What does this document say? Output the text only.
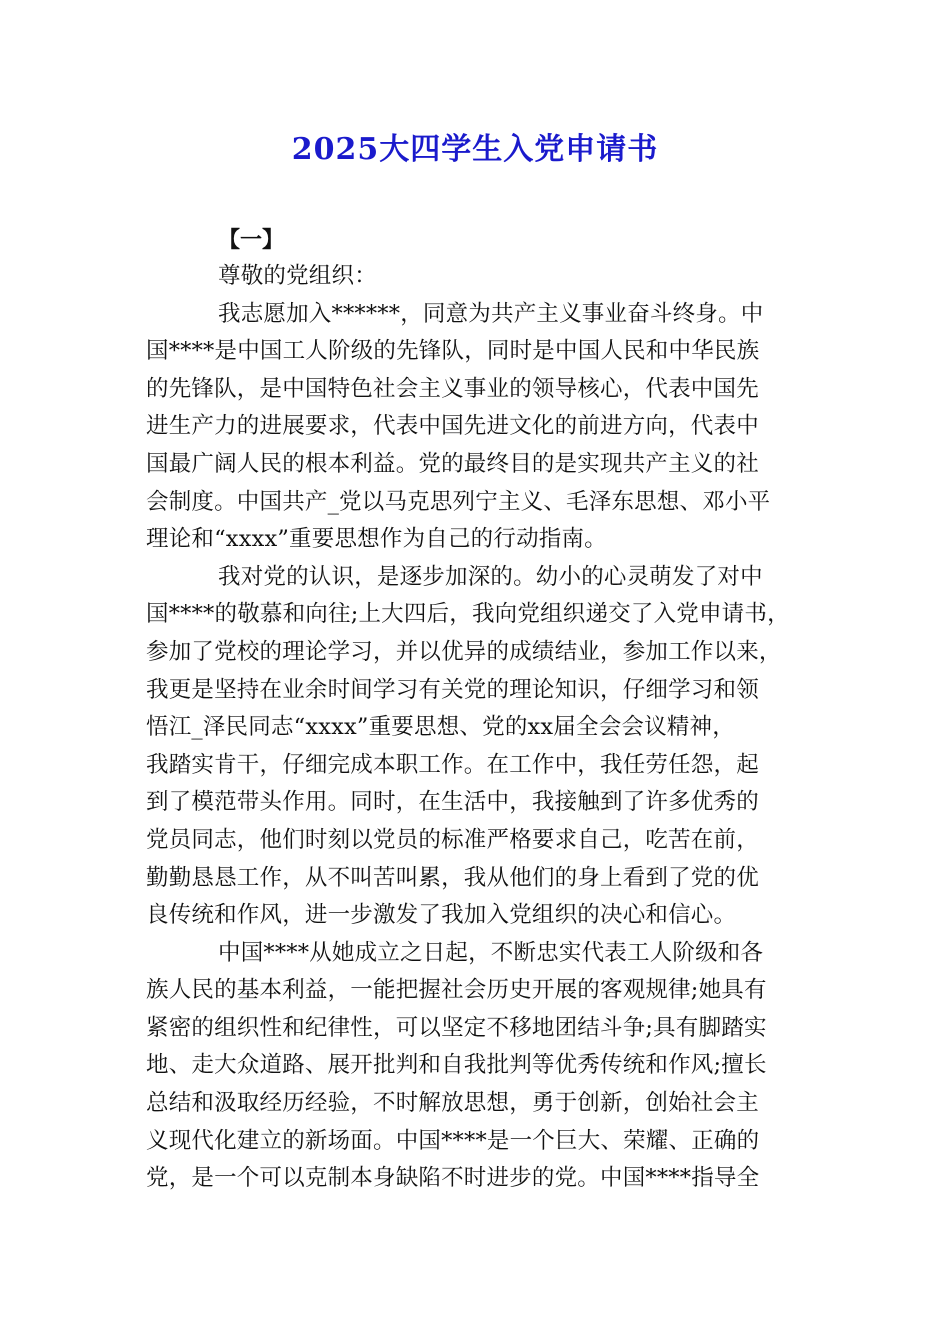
2025大四学生入党申请书
【一】
尊敬的党组织：
我志愿加入******，同意为共产主义事业奋斗终身。中
国****是中国工人阶级的先锋队，同时是中国人民和中华民族
的先锋队，是中国特色社会主义事业的领导核心，代表中国先
进生产力的进展要求，代表中国先进文化的前进方向，代表中
国最广阔人民的根本利益。党的最终目的是实现共产主义的社
会制度。中国共产_党以马克思列宁主义、毛泽东思想、邓小平
理论和“xxxx”重要思想作为自己的行动指南。
我对党的认识，是逐步加深的。幼小的心灵萌发了对中
国****的敬慕和向往;上大四后，我向党组织递交了入党申请书，
参加了党校的理论学习，并以优异的成绩结业，参加工作以来，
我更是坚持在业余时间学习有关党的理论知识，仔细学习和领
悟江_泽民同志“xxxx”重要思想、党的xx届全会会议精神，
我踏实肯干，仔细完成本职工作。在工作中，我任劳任怨，起
到了模范带头作用。同时，在生活中，我接触到了许多优秀的
党员同志，他们时刻以党员的标准严格要求自己，吃苦在前，
勤勤恳恳工作，从不叫苦叫累，我从他们的身上看到了党的优
良传统和作风，进一步激发了我加入党组织的决心和信心。
中国****从她成立之日起，不断忠实代表工人阶级和各
族人民的基本利益，一能把握社会历史开展的客观规律;她具有
紧密的组织性和纪律性，可以坚定不移地团结斗争;具有脚踏实
地、走大众道路、展开批判和自我批判等优秀传统和作风;擅长
总结和汲取经历经验，不时解放思想，勇于创新，创始社会主
义现代化建立的新场面。中国****是一个巨大、荣耀、正确的
党，是一个可以克制本身缺陷不时进步的党。中国****指导全
